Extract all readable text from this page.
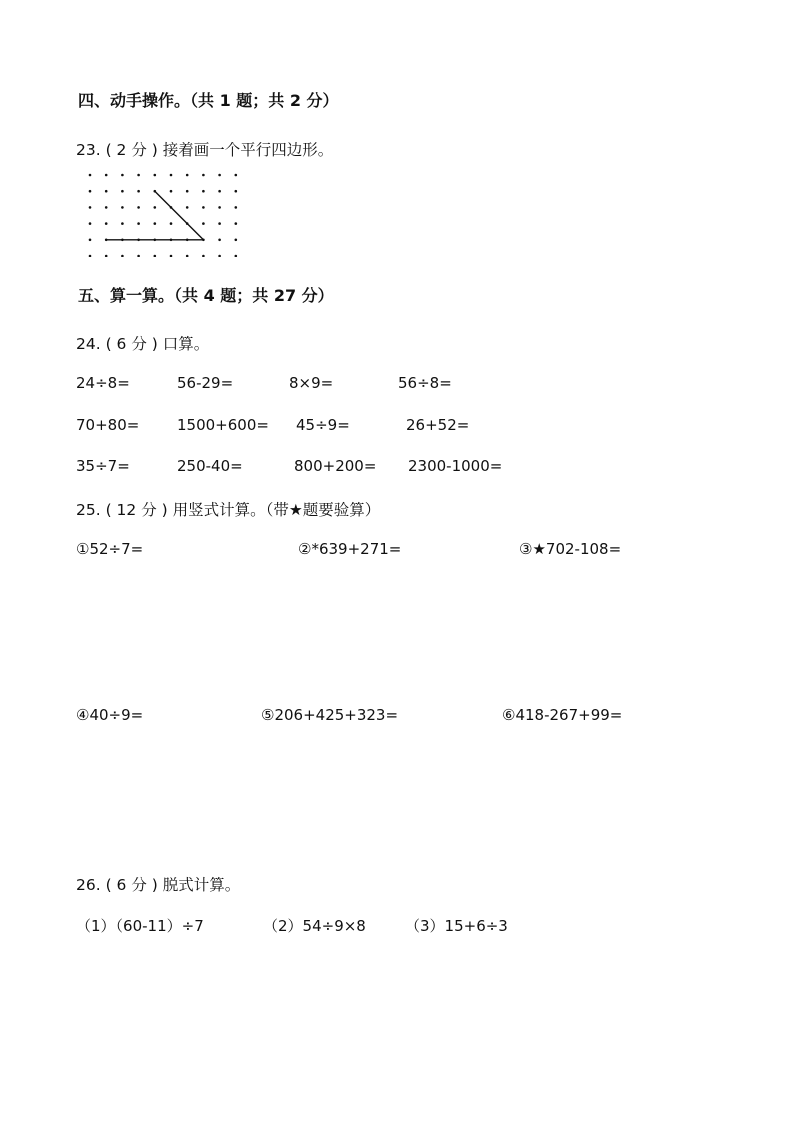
四、动手操作。（共 1 题；共 2 分）
23. ( 2 分 ) 接着画一个平行四边形。
五、算一算。（共 4 题；共 27 分）
24. ( 6 分 ) 口算。
24÷8=	56-29=	8×9=	56÷8=
70+80=	1500+600= 45÷9=	26+52=
35÷7=	250-40=	800+200= 2300-1000=
25. ( 12 分 ) 用竖式计算。（带★题要验算）
①52÷7=	②*639+271=	③★702-108=
④40÷9=	⑤206+425+323=	⑥418-267+99=
26. ( 6 分 ) 脱式计算。
（1）（60-11）÷7	（2）54÷9×8	（3）15+6÷3
